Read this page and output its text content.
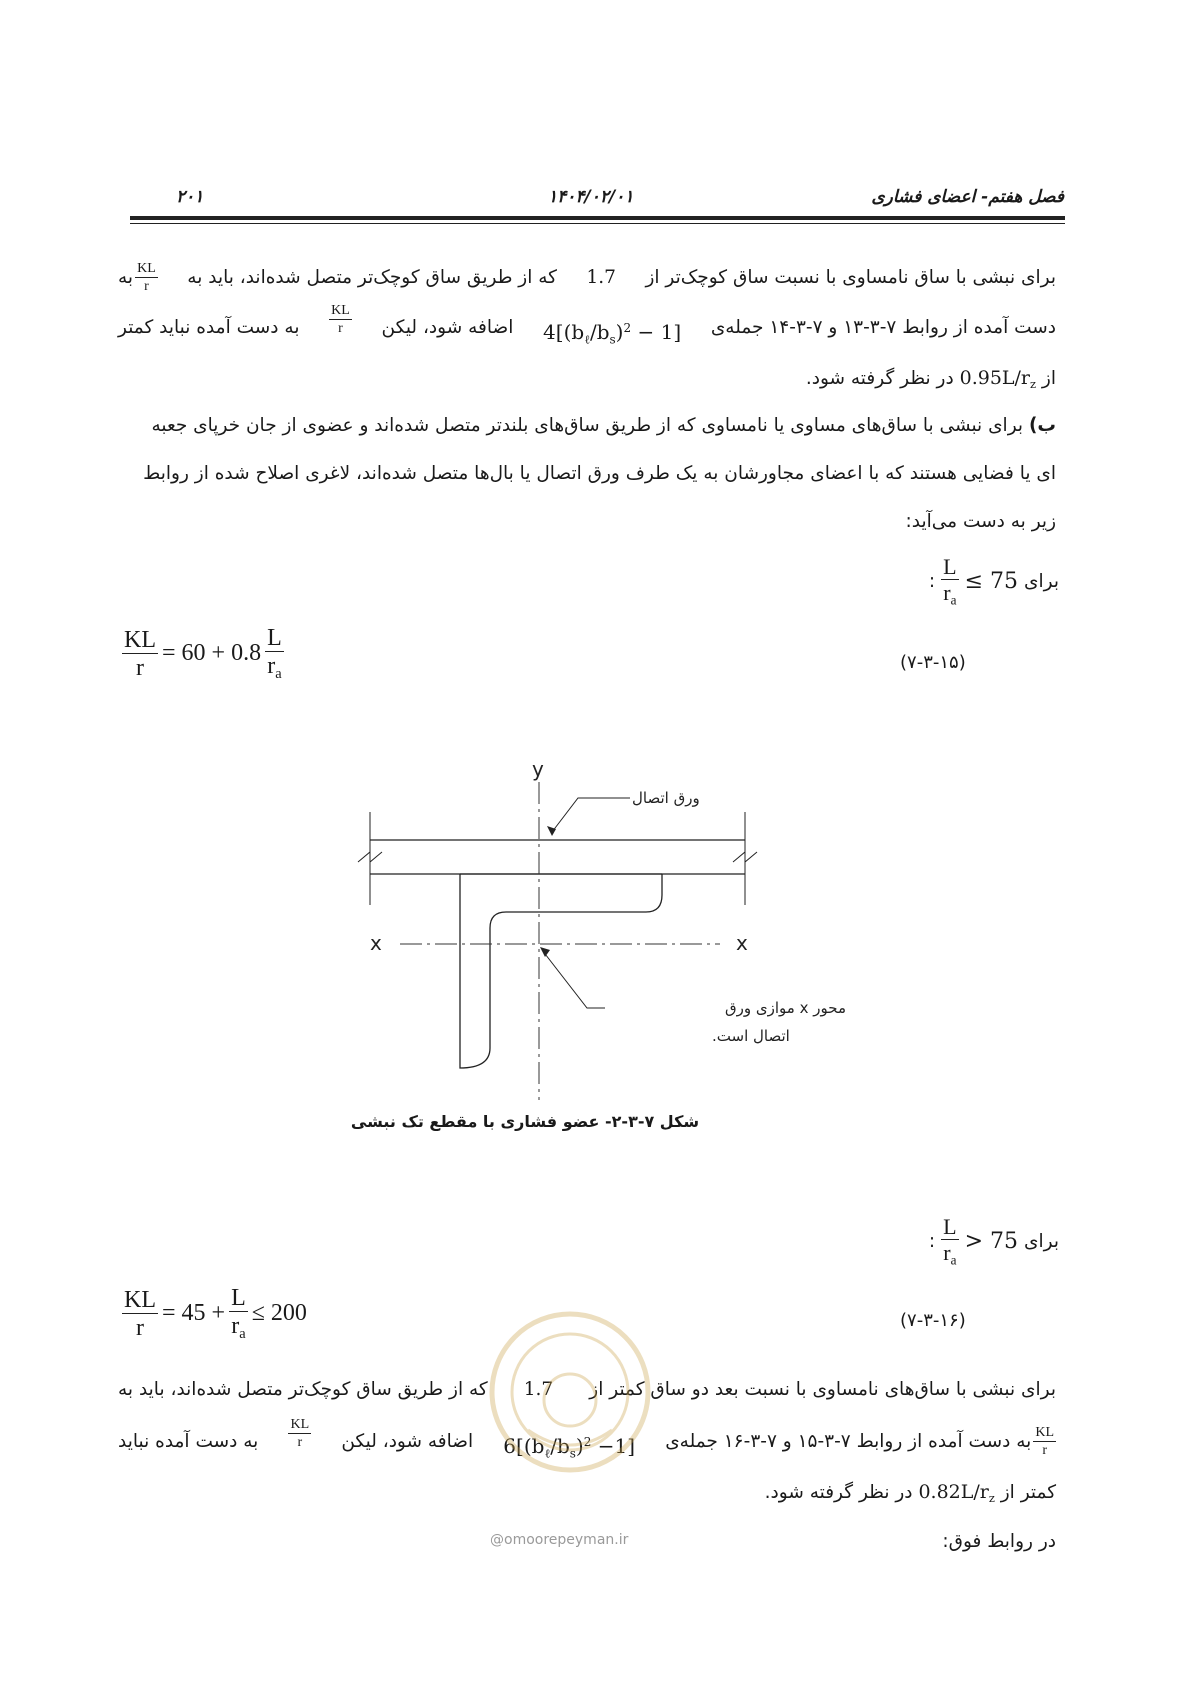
۲۰۱	۱۴۰۴/۰۲/۰۱	فصل هفتم- اعضای فشاری
برای نبشی با ساق نامساوی با نسبت ساق کوچک‌تر از
1.7
که از طریق ساق کوچک‌تر متصل شده‌اند، باید به
$\frac{KL}{r}$
به
دست آمده از روابط ۷-۳-۱۳ و ۷-۳-۱۴ جمله‌ی
$4[(b_\ell/b_s)^2 - 1]$
اضافه شود، لیکن
$\frac{KL}{r}$
به دست آمده نباید کمتر
از $0.95L/r_z$ در نظر گرفته شود.
ب) برای نبشی با ساق‌های مساوی یا نامساوی که از طریق ساق‌های بلندتر متصل شده‌اند و عضوی از جان خرپای جعبه
ای یا فضایی هستند که با اعضای مجاورشان به یک طرف ورق اتصال یا بال‌ها متصل شده‌اند، لاغری اصلاح شده از روابط
زیر به دست می‌آید:
برای
≤ 75
$\frac{L}{r_a}$
:
$\frac{KL}{r} = 60 + 0.8 \frac{L}{r_a}$	(۷-۳-۱۵)
y
x	x
ورق اتصال
محور x موازی ورق
اتصال است.
شکل ۷-۳-۲- عضو فشاری با مقطع تک نبشی
برای
> 75
$\frac{L}{r_a}$
:
$\frac{KL}{r} = 45 + \frac{L}{r_a} \le 200$	(۷-۳-۱۶)
برای نبشی با ساق‌های نامساوی با نسبت بعد دو ساق کمتر از
1.7
که از طریق ساق کوچک‌تر متصل شده‌اند، باید به
$\frac{KL}{r}$
به دست آمده از روابط ۷-۳-۱۵ و ۷-۳-۱۶ جمله‌ی
$6[(b_\ell/b_s)^2 -1]$
اضافه شود، لیکن
$\frac{KL}{r}$
به دست آمده نباید
کمتر از $0.82L/r_z$ در نظر گرفته شود.
در روابط فوق:
@omoorepeyman.ir
